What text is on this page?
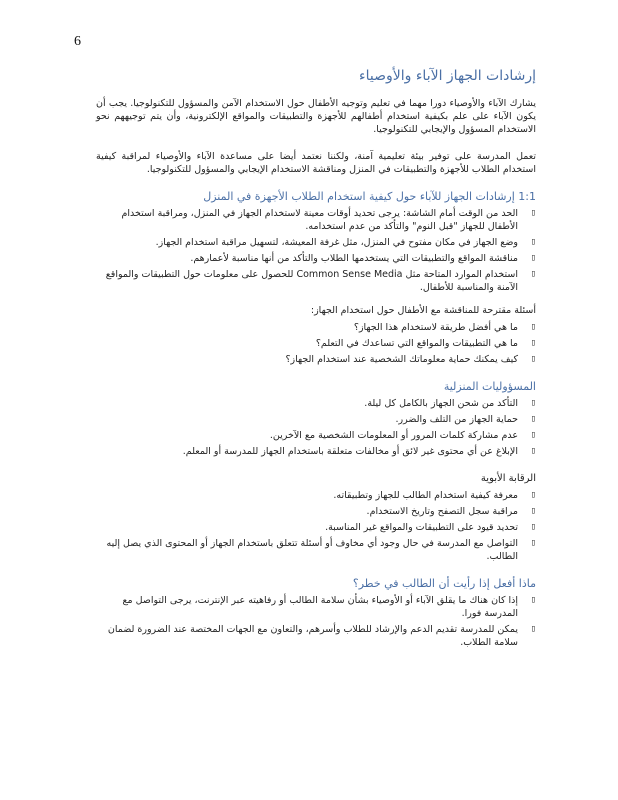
6
إرشادات الجهاز الآباء والأوصياء
يشارك الآباء والأوصياء دورا مهما في تعليم وتوجيه الأطفال حول الاستخدام الآمن والمسؤول للتكنولوجيا. يجب أن يكون الآباء على علم بكيفية استخدام أطفالهم للأجهزة والتطبيقات والمواقع الإلكترونية، وأن يتم توجيههم نحو الاستخدام المسؤول والإيجابي للتكنولوجيا.
تعمل المدرسة على توفير بيئة تعليمية آمنة، ولكننا نعتمد أيضا على مساعدة الآباء والأوصياء لمراقبة كيفية استخدام الطلاب للأجهزة والتطبيقات في المنزل ومناقشة الاستخدام الإيجابي والمسؤول للتكنولوجيا.
1:1 إرشادات الجهاز للآباء حول كيفية استخدام الطلاب الأجهزة في المنزل
▯
الحد من الوقت أمام الشاشة: يرجى تحديد أوقات معينة لاستخدام الجهاز في المنزل، ومراقبة استخدام الأطفال للجهاز "قبل النوم" والتأكد من عدم استخدامه.
▯
وضع الجهاز في مكان مفتوح في المنزل، مثل غرفة المعيشة، لتسهيل مراقبة استخدام الجهاز.
▯
مناقشة المواقع والتطبيقات التي يستخدمها الطلاب والتأكد من أنها مناسبة لأعمارهم.
▯
استخدام الموارد المتاحة مثل Common Sense Media للحصول على معلومات حول التطبيقات والمواقع الآمنة والمناسبة للأطفال.
أسئلة مقترحة للمناقشة مع الأطفال حول استخدام الجهاز:
▯
ما هي أفضل طريقة لاستخدام هذا الجهاز؟
▯
ما هي التطبيقات والمواقع التي تساعدك في التعلم؟
▯
كيف يمكنك حماية معلوماتك الشخصية عند استخدام الجهاز؟
المسؤوليات المنزلية
▯
التأكد من شحن الجهاز بالكامل كل ليلة.
▯
حماية الجهاز من التلف والضرر.
▯
عدم مشاركة كلمات المرور أو المعلومات الشخصية مع الآخرين.
▯
الإبلاغ عن أي محتوى غير لائق أو مخالفات متعلقة باستخدام الجهاز للمدرسة أو المعلم.
الرقابة الأبوية
▯
معرفة كيفية استخدام الطالب للجهاز وتطبيقاته.
▯
مراقبة سجل التصفح وتاريخ الاستخدام.
▯
تحديد قيود على التطبيقات والمواقع غير المناسبة.
▯
التواصل مع المدرسة في حال وجود أي مخاوف أو أسئلة تتعلق باستخدام الجهاز أو المحتوى الذي يصل إليه الطالب.
ماذا أفعل إذا رأيت أن الطالب في خطر؟
▯
إذا كان هناك ما يقلق الآباء أو الأوصياء بشأن سلامة الطالب أو رفاهيته عبر الإنترنت، يرجى التواصل مع المدرسة فورا.
▯
يمكن للمدرسة تقديم الدعم والإرشاد للطلاب وأسرهم، والتعاون مع الجهات المختصة عند الضرورة لضمان سلامة الطلاب.
